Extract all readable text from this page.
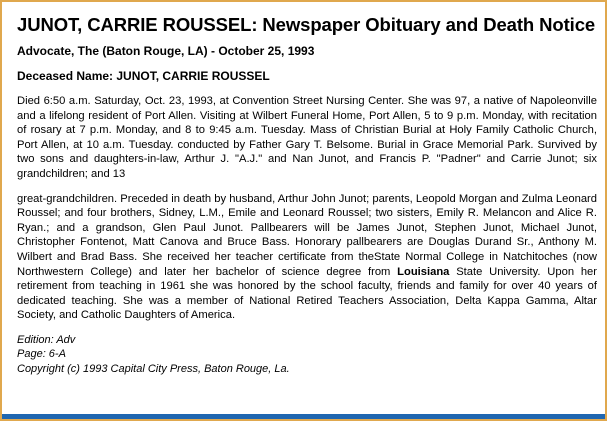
JUNOT, CARRIE ROUSSEL: Newspaper Obituary and Death Notice
Advocate, The (Baton Rouge, LA) - October 25, 1993
Deceased Name: JUNOT, CARRIE ROUSSEL
Died 6:50 a.m. Saturday, Oct. 23, 1993, at Convention Street Nursing Center. She was 97, a native of Napoleonville and a lifelong resident of Port Allen. Visiting at Wilbert Funeral Home, Port Allen, 5 to 9 p.m. Monday, with recitation of rosary at 7 p.m. Monday, and 8 to 9:45 a.m. Tuesday. Mass of Christian Burial at Holy Family Catholic Church, Port Allen, at 10 a.m. Tuesday. conducted by Father Gary T. Belsome. Burial in Grace Memorial Park. Survived by two sons and daughters-in-law, Arthur J. "A.J." and Nan Junot, and Francis P. "Padner" and Carrie Junot; six grandchildren; and 13
great-grandchildren. Preceded in death by husband, Arthur John Junot; parents, Leopold Morgan and Zulma Leonard Roussel; and four brothers, Sidney, L.M., Emile and Leonard Roussel; two sisters, Emily R. Melancon and Alice R. Ryan.; and a grandson, Glen Paul Junot. Pallbearers will be James Junot, Stephen Junot, Michael Junot, Christopher Fontenot, Matt Canova and Bruce Bass. Honorary pallbearers are Douglas Durand Sr., Anthony M. Wilbert and Brad Bass. She received her teacher certificate from theState Normal College in Natchitoches (now Northwestern College) and later her bachelor of science degree from Louisiana State University. Upon her retirement from teaching in 1961 she was honored by the school faculty, friends and family for over 40 years of dedicated teaching. She was a member of National Retired Teachers Association, Delta Kappa Gamma, Altar Society, and Catholic Daughters of America.
Edition: Adv
Page: 6-A
Copyright (c) 1993 Capital City Press, Baton Rouge, La.
